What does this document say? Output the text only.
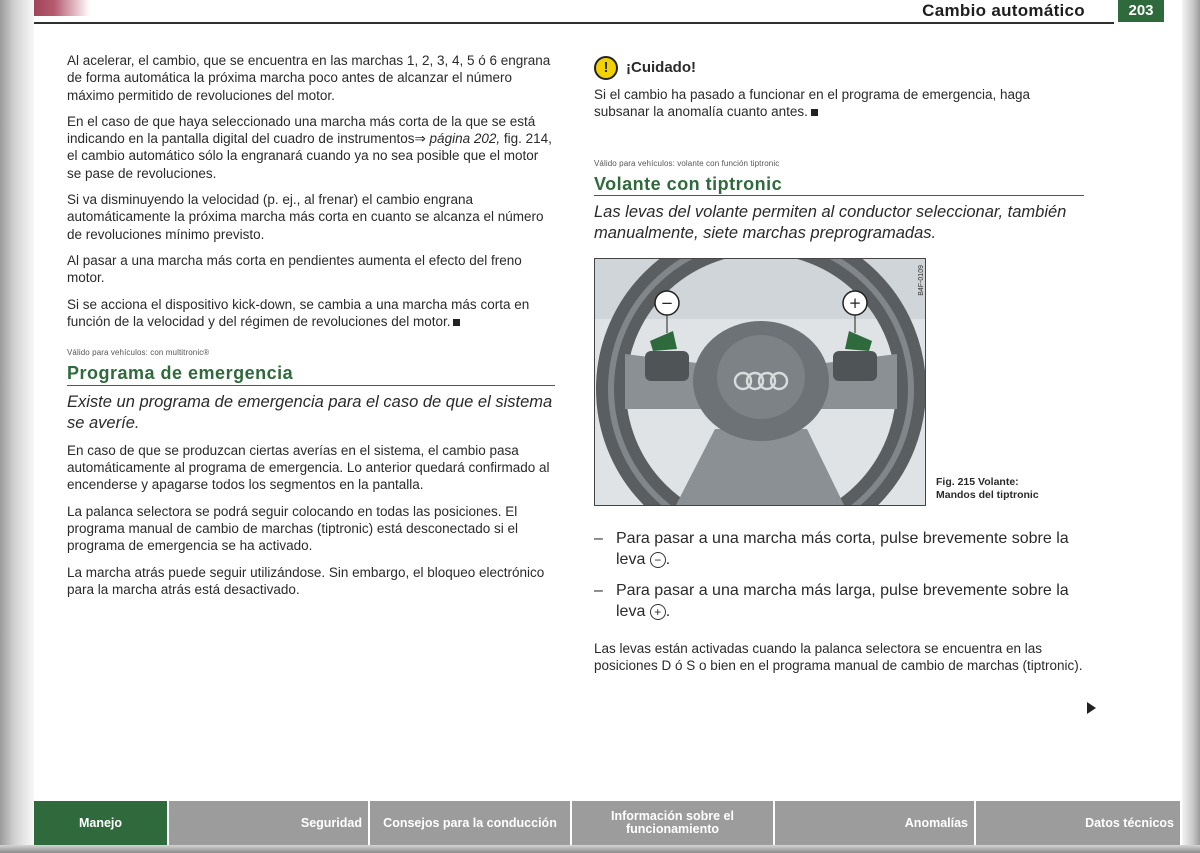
Cambio automático	203

Al acelerar, el cambio, que se encuentra en las marchas 1, 2, 3, 4, 5 ó 6 engrana de forma automática la próxima marcha poco antes de alcanzar el número máximo permitido de revoluciones del motor.

En el caso de que haya seleccionado una marcha más corta de la que se está indicando en la pantalla digital del cuadro de instrumentos⇒ página 202, fig. 214, el cambio automático sólo la engranará cuando ya no sea posible que el motor se pase de revoluciones.

Si va disminuyendo la velocidad (p. ej., al frenar) el cambio engrana automáticamente la próxima marcha más corta en cuanto se alcanza el número de revoluciones mínimo previsto.

Al pasar a una marcha más corta en pendientes aumenta el efecto del freno motor.

Si se acciona el dispositivo kick-down, se cambia a una marcha más corta en función de la velocidad y del régimen de revoluciones del motor.

Válido para vehículos: con multitronic®
Programa de emergencia
Existe un programa de emergencia para el caso de que el sistema se averíe.

En caso de que se produzcan ciertas averías en el sistema, el cambio pasa automáticamente al programa de emergencia. Lo anterior quedará confirmado al encenderse y apagarse todos los segmentos en la pantalla.

La palanca selectora se podrá seguir colocando en todas las posiciones. El programa manual de cambio de marchas (tiptronic) está desconectado si el programa de emergencia se ha activado.

La marcha atrás puede seguir utilizándose. Sin embargo, el bloqueo electrónico para la marcha atrás está desactivado.

!	¡Cuidado!

Si el cambio ha pasado a funcionar en el programa de emergencia, haga subsanar la anomalía cuanto antes.

Válido para vehículos: volante con función tiptronic
Volante con tiptronic
Las levas del volante permiten al conductor seleccionar, también manualmente, siete marchas preprogramadas.
−	+
B4F-0109
Fig. 215 Volante:
Mandos del tiptronic
– Para pasar a una marcha más corta, pulse brevemente sobre la leva − .
– Para pasar a una marcha más larga, pulse brevemente sobre la leva + .

Las levas están activadas cuando la palanca selectora se encuentra en las posiciones D ó S o bien en el programa manual de cambio de marchas (tiptronic).

Manejo	Seguridad	Consejos para la conducción	Información sobre el funcionamiento	Anomalías	Datos técnicos
